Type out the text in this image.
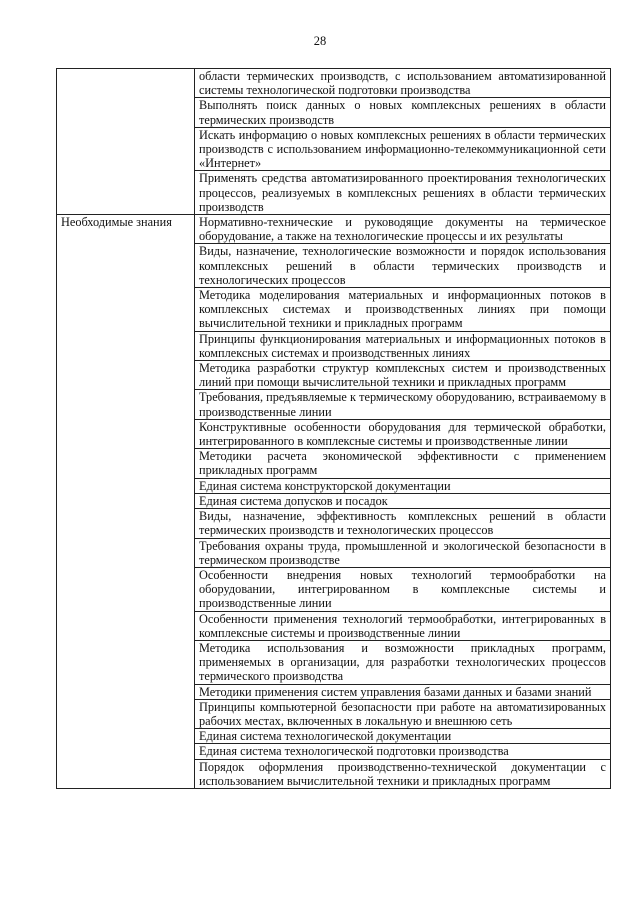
28
	области термических производств, с использованием автоматизированной системы технологической подготовки производства
	Выполнять поиск данных о новых комплексных решениях в области термических производств
	Искать информацию о новых комплексных решениях в области термических производств с использованием информационно-телекоммуникационной сети «Интернет»
	Применять средства автоматизированного проектирования технологических процессов, реализуемых в комплексных решениях в области термических производств
Необходимые знания	Нормативно-технические и руководящие документы на термическое оборудование, а также на технологические процессы и их результаты
	Виды, назначение, технологические возможности и порядок использования комплексных решений в области термических производств и технологических процессов
	Методика моделирования материальных и информационных потоков в комплексных системах и производственных линиях при помощи вычислительной техники и прикладных программ
	Принципы функционирования материальных и информационных потоков в комплексных системах и производственных линиях
	Методика разработки структур комплексных систем и производственных линий при помощи вычислительной техники и прикладных программ
	Требования, предъявляемые к термическому оборудованию, встраиваемому в производственные линии
	Конструктивные особенности оборудования для термической обработки, интегрированного в комплексные системы и производственные линии
	Методики расчета экономической эффективности с применением прикладных программ
	Единая система конструкторской документации
	Единая система допусков и посадок
	Виды, назначение, эффективность комплексных решений в области термических производств и технологических процессов
	Требования охраны труда, промышленной и экологической безопасности в термическом производстве
	Особенности внедрения новых технологий термообработки на оборудовании, интегрированном в комплексные системы и производственные линии
	Особенности применения технологий термообработки, интегрированных в комплексные системы и производственные линии
	Методика использования и возможности прикладных программ, применяемых в организации, для разработки технологических процессов термического производства
	Методики применения систем управления базами данных и базами знаний
	Принципы компьютерной безопасности при работе на автоматизированных рабочих местах, включенных в локальную и внешнюю сеть
	Единая система технологической документации
	Единая система технологической подготовки производства
	Порядок оформления производственно-технической документации с использованием вычислительной техники и прикладных программ
